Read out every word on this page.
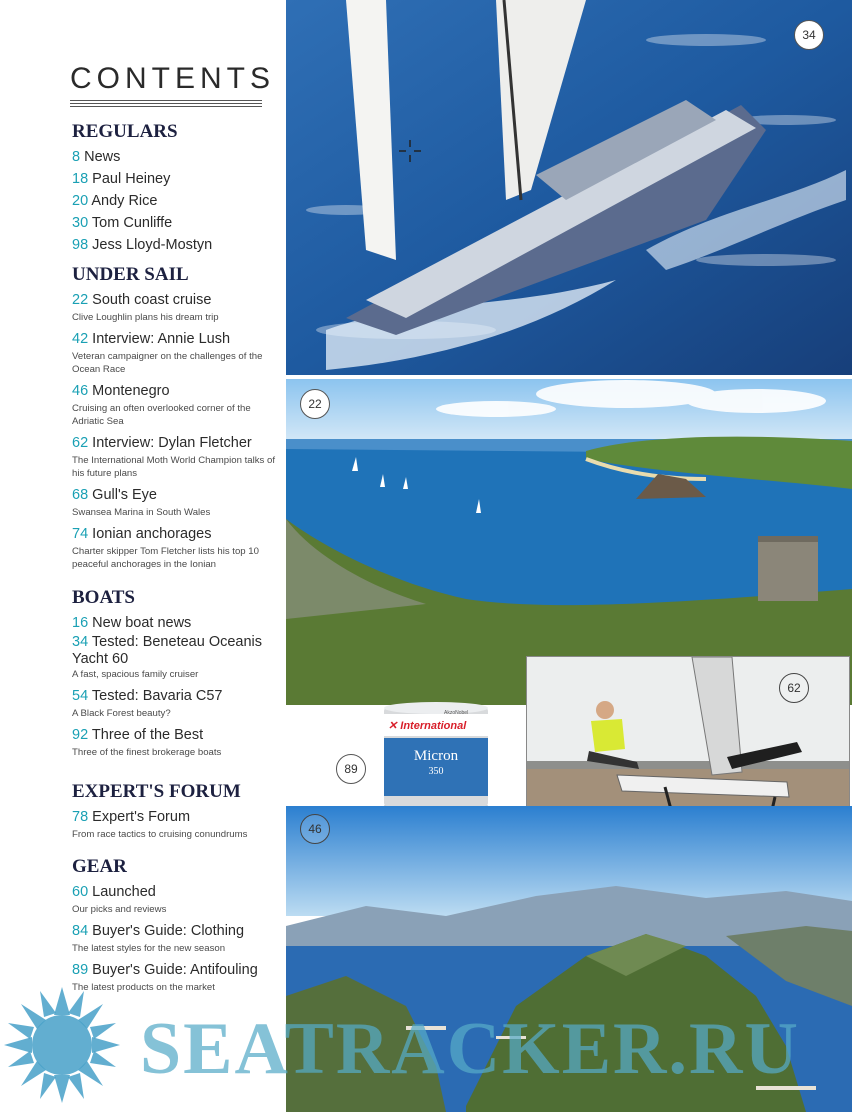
CONTENTS
REGULARS
8 News
18 Paul Heiney
20 Andy Rice
30 Tom Cunliffe
98 Jess Lloyd-Mostyn
UNDER SAIL
22 South coast cruise
Clive Loughlin plans his dream trip
42 Interview: Annie Lush
Veteran campaigner on the challenges of the Ocean Race
46 Montenegro
Cruising an often overlooked corner of the Adriatic Sea
62 Interview: Dylan Fletcher
The International Moth World Champion talks of his future plans
68 Gull's Eye
Swansea Marina in South Wales
74 Ionian anchorages
Charter skipper Tom Fletcher lists his top 10 peaceful anchorages in the Ionian
BOATS
16 New boat news
34 Tested: Beneteau Oceanis Yacht 60
A fast, spacious family cruiser
54 Tested: Bavaria C57
A Black Forest beauty?
92 Three of the Best
Three of the finest brokerage boats
EXPERT'S FORUM
78 Expert's Forum
From race tactics to cruising conundrums
GEAR
60 Launched
Our picks and reviews
84 Buyer's Guide: Clothing
The latest styles for the new season
89 Buyer's Guide: Antifouling
The latest products on the market
34
22
62
✕ International
AkzoNobel
Micron
350
89
46
SEATRACKER.RU
